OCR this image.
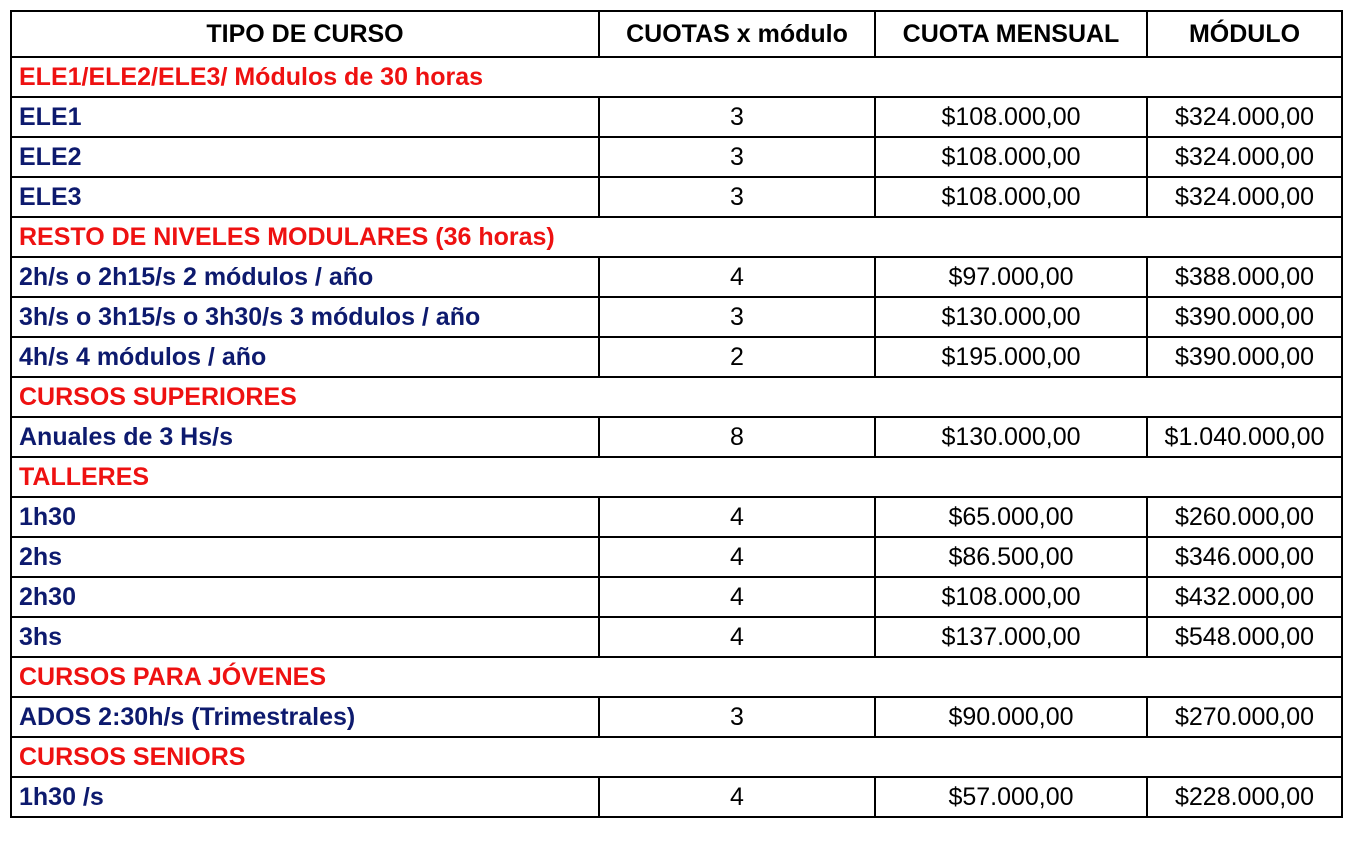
TIPO DE CURSO	CUOTAS x módulo	CUOTA MENSUAL	MÓDULO
ELE1/ELE2/ELE3/ Módulos de 30 horas			
ELE1	3	$108.000,00	$324.000,00
ELE2	3	$108.000,00	$324.000,00
ELE3	3	$108.000,00	$324.000,00
RESTO DE NIVELES MODULARES (36 horas)			
2h/s o 2h15/s 2 módulos / año	4	$97.000,00	$388.000,00
3h/s o 3h15/s o 3h30/s 3 módulos / año	3	$130.000,00	$390.000,00
4h/s 4 módulos / año	2	$195.000,00	$390.000,00
CURSOS SUPERIORES			
Anuales de 3 Hs/s	8	$130.000,00	$1.040.000,00
TALLERES			
1h30	4	$65.000,00	$260.000,00
2hs	4	$86.500,00	$346.000,00
2h30	4	$108.000,00	$432.000,00
3hs	4	$137.000,00	$548.000,00
CURSOS PARA JÓVENES			
ADOS 2:30h/s (Trimestrales)	3	$90.000,00	$270.000,00
CURSOS SENIORS			
1h30 /s	4	$57.000,00	$228.000,00
